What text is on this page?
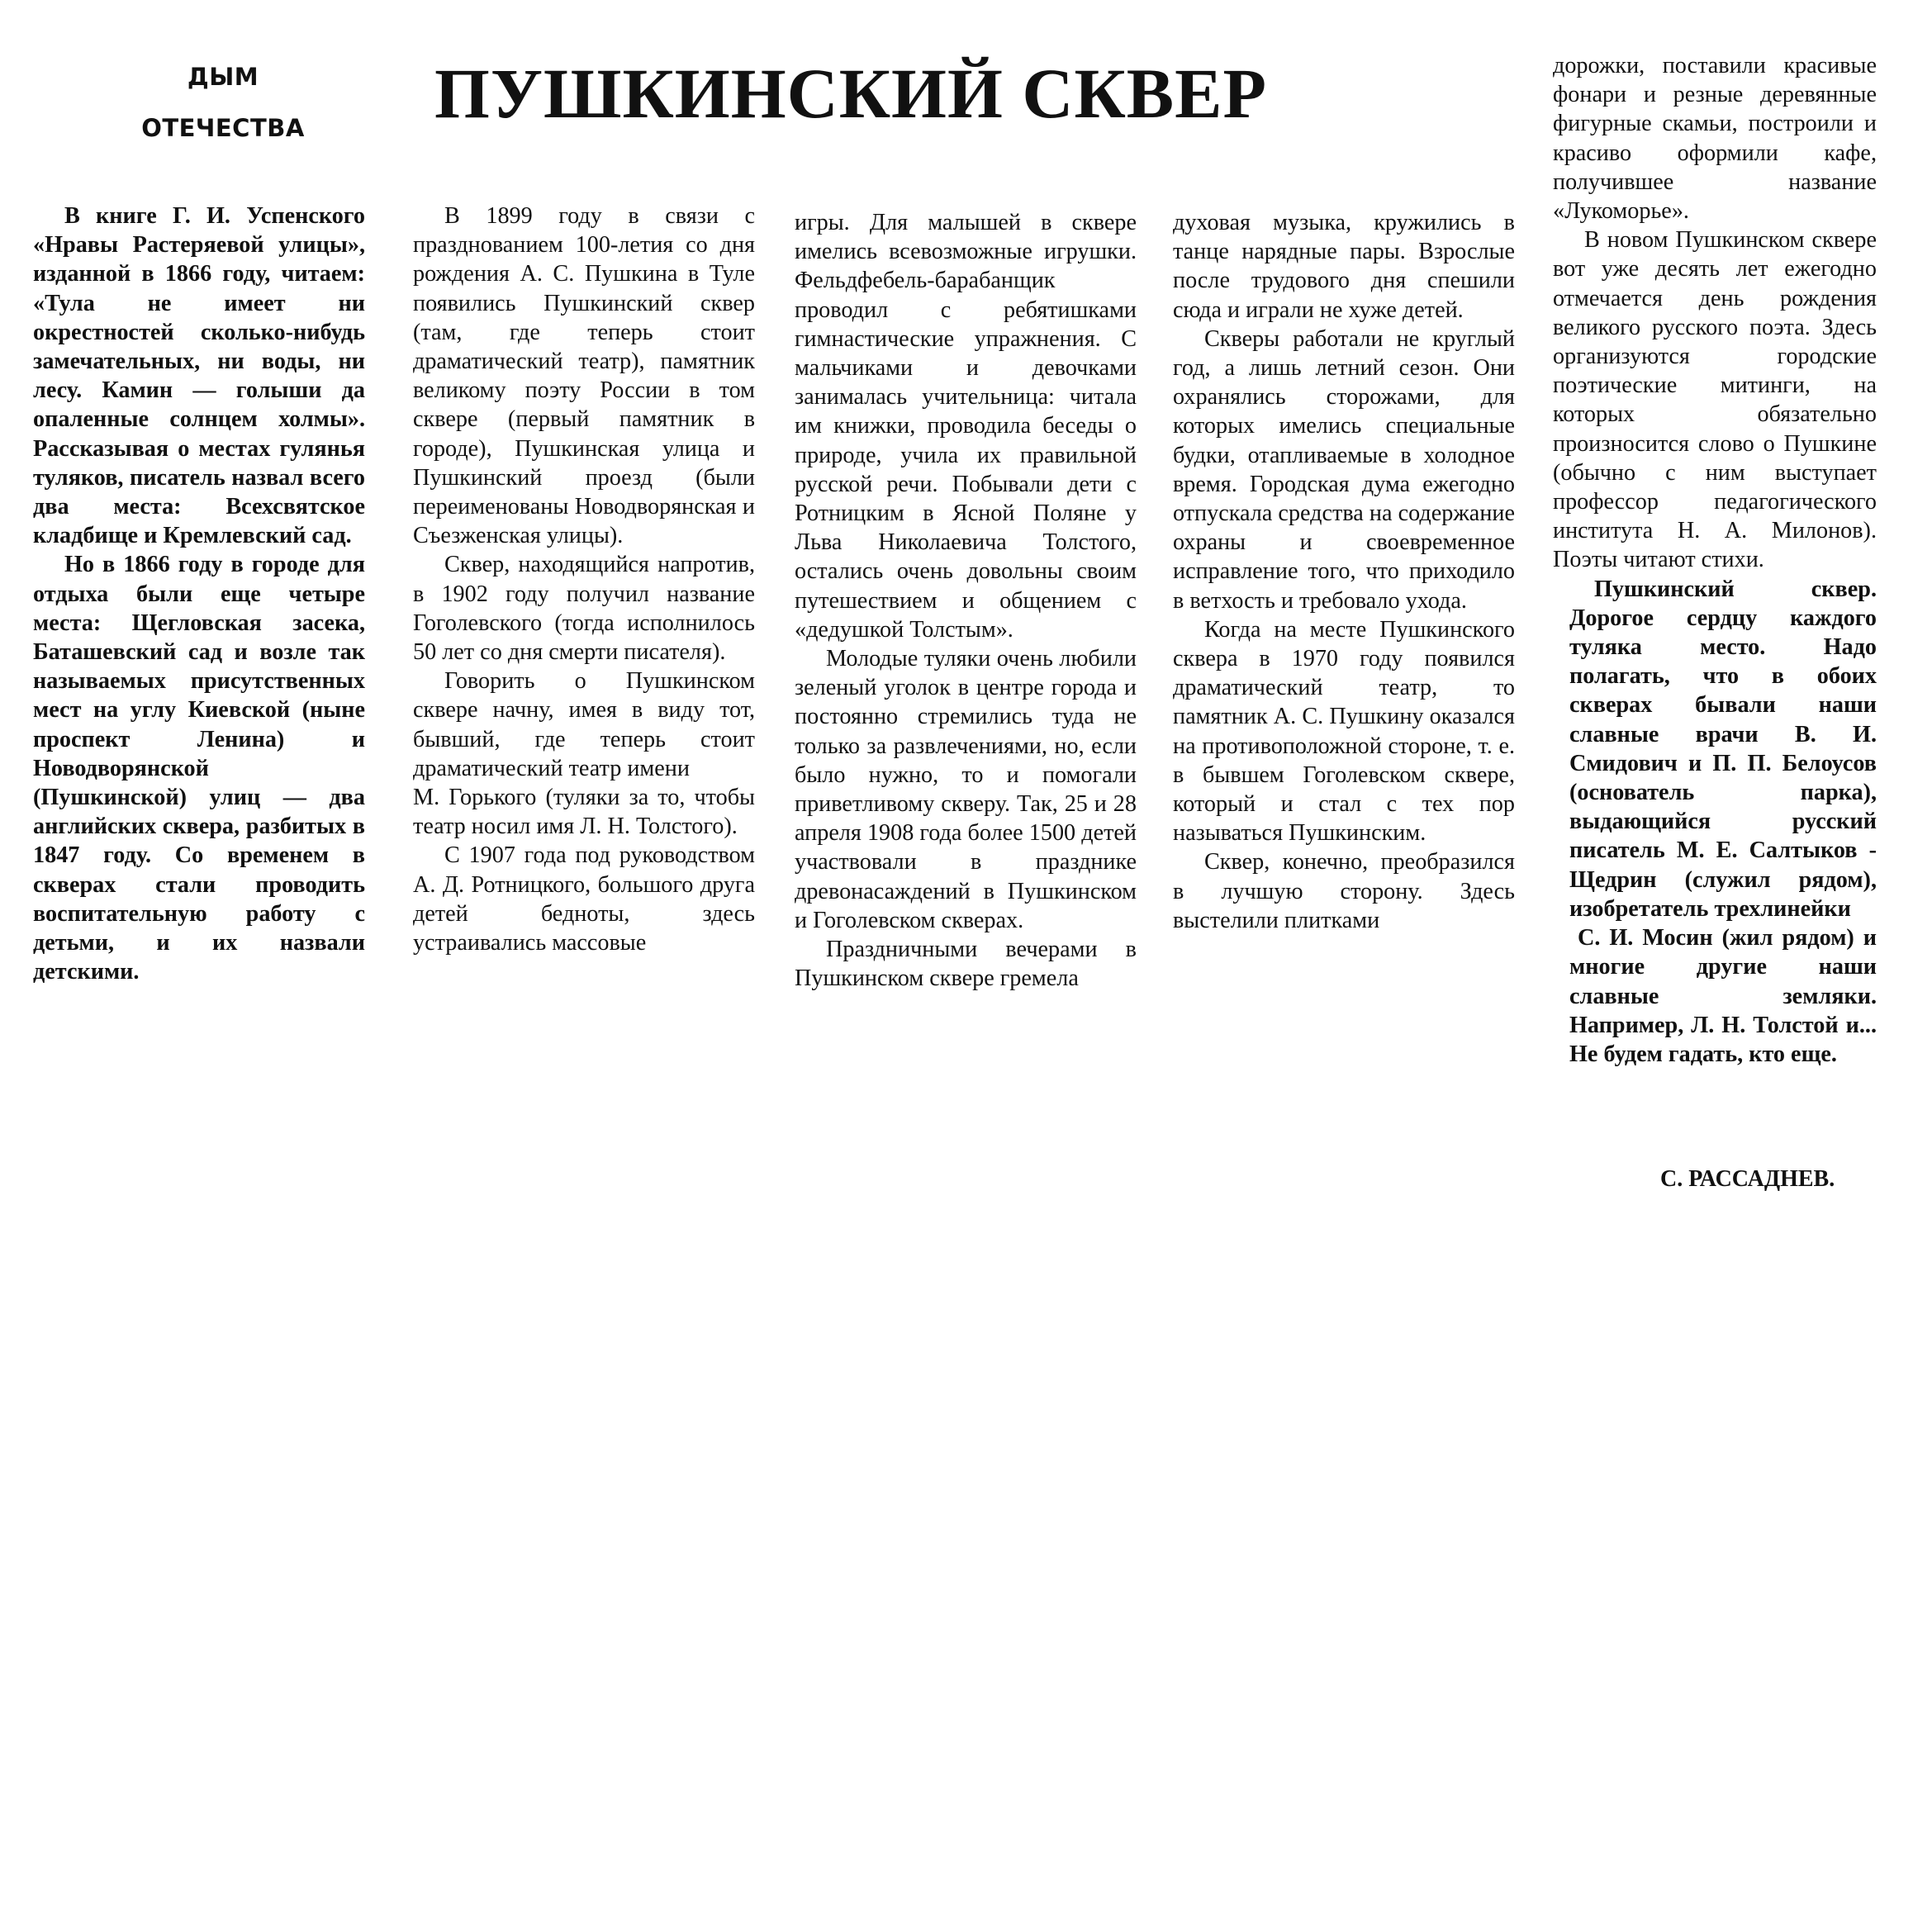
ДЫМ
ОТЕЧЕСТВА ПУШКИНСКИЙ СКВЕР

В книге Г. И. Успенского «Нравы Растеряевой улицы», изданной в 1866 году, читаем: «Тула не имеет ни окрестностей сколько-нибудь замечательных, ни воды, ни лесу. Камин — голыши да опаленные солнцем холмы». Рассказывая о местах гулянья туляков, писатель назвал всего два места: Всехсвятское кладбище и Кремлевский сад.

Но в 1866 году в городе для отдыха были еще четыре места: Щегловская засека, Баташевский сад и возле так называемых присутственных мест на углу Киевской (ныне проспект Ленина) и Новодворянской (Пушкинской) улиц — два английских сквера, разбитых в 1847 году. Со временем в скверах стали проводить воспитательную работу с детьми, и их назвали детскими.

В 1899 году в связи с празднованием 100-летия со дня рождения А. С. Пушкина в Туле появились Пушкинский сквер (там, где теперь стоит драматический театр), памятник великому поэту России в том сквере (первый памятник в городе), Пушкинская улица и Пушкинский проезд (были переименованы Новодворянская и Съезженская улицы).

Сквер, находящийся напротив, в 1902 году получил название Гоголевского (тогда исполнилось 50 лет со дня смерти писателя).

Говорить о Пушкинском сквере начну, имея в виду тот, бывший, где теперь стоит драматический театр имени

М. Горького (туляки за то, чтобы театр носил имя Л. Н. Толстого).

С 1907 года под руководством А. Д. Ротницкого, большого друга детей бедноты, здесь устраивались массовые

игры. Для малышей в сквере имелись всевозможные игрушки. Фельдфебель-барабанщик проводил с ребятишками гимнастические упражнения. С мальчиками и девочками занималась учительница: читала им книжки, проводила беседы о природе, учила их правильной русской речи. Побывали дети с Ротницким в Ясной Поляне у Льва Николаевича Толстого, остались очень довольны своим путешествием и общением с «дедушкой Толстым».

Молодые туляки очень любили зеленый уголок в центре города и постоянно стремились туда не только за развлечениями, но, если было нужно, то и помогали приветливому скверу. Так, 25 и 28 апреля 1908 года более 1500 детей участвовали в празднике древонасаждений в Пушкинском и Гоголевском скверах.

Праздничными вечерами в Пушкинском сквере гремела

духовая музыка, кружились в танце нарядные пары. Взрослые после трудового дня спешили сюда и играли не хуже детей.

Скверы работали не круглый год, а лишь летний сезон. Они охранялись сторожами, для которых имелись специальные будки, отапливаемые в холодное время. Городская дума ежегодно отпускала средства на содержание охраны и своевременное исправление того, что приходило в ветхость и требовало ухода.

Когда на месте Пушкинского сквера в 1970 году появился драматический театр, то памятник А. С. Пушкину оказался на противоположной стороне, т. е. в бывшем Гоголевском сквере, который и стал с тех пор называться Пушкинским.

Сквер, конечно, преобразился в лучшую сторону. Здесь выстелили плитками

дорожки, поставили красивые фонари и резные деревянные фигурные скамьи, построили и красиво оформили кафе, получившее название «Лукоморье».

В новом Пушкинском сквере вот уже десять лет ежегодно отмечается день рождения великого русского поэта. Здесь организуются городские поэтические митинги, на которых обязательно произносится слово о Пушкине (обычно с ним выступает профессор педагогического института Н. А. Милонов). Поэты читают стихи.

Пушкинский сквер. Дорогое сердцу каждого туляка место. Надо полагать, что в обоих скверах бывали наши славные врачи В. И. Смидович и П. П. Белоусов (основатель парка), выдающийся русский писатель М. Е. Салтыков - Щедрин (служил рядом), изобретатель трехлинейки

С. И. Мосин (жил рядом) и многие другие наши славные земляки. Например, Л. Н. Толстой и... Не будем гадать, кто еще.

С. РАССАДНЕВ.
